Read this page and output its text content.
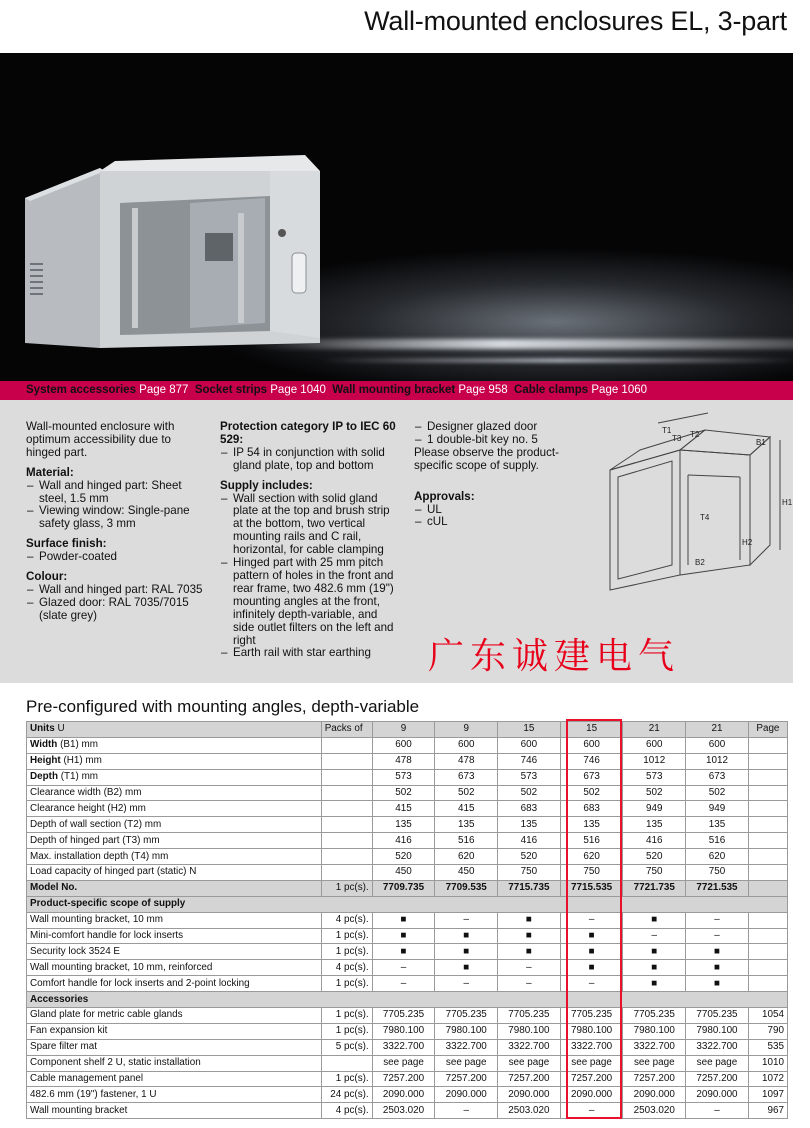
Wall-mounted enclosures EL, 3-part
System accessories Page 877 Socket strips Page 1040 Wall mounting bracket Page 958 Cable clamps Page 1060

Wall-mounted enclosure with optimum accessibility due to hinged part.

Material:
– Wall and hinged part: Sheet steel, 1.5 mm
– Viewing window: Single-pane safety glass, 3 mm
Surface finish:
– Powder-coated
Colour:
– Wall and hinged part: RAL 7035
– Glazed door: RAL 7035/7015 (slate grey)
Protection category IP to IEC 60 529:
– IP 54 in conjunction with solid gland plate, top and bottom
Supply includes:
– Wall section with solid gland plate at the top and brush strip at the bottom, two vertical mounting rails and C rail, horizontal, for cable clamping
– Hinged part with 25 mm pitch pattern of holes in the front and rear frame, two 482.6 mm (19") mounting angles at the front, infinitely depth-variable, and side outlet filters on the left and right
– Earth rail with star earthing
– Designer glazed door
– 1 double-bit key no. 5

Please observe the product-specific scope of supply.

Approvals:
– UL
– cUL
T1 T2
T3
T4
B1
B2
H1
H2
广东诚建电气
Pre-configured with mounting angles, depth-variable
Units U	Packs of	9	9	15	15	21	21	Page
Width (B1) mm		600	600	600	600	600	600	
Height (H1) mm		478	478	746	746	1012	1012	
Depth (T1) mm		573	673	573	673	573	673	
Clearance width (B2) mm		502	502	502	502	502	502	
Clearance height (H2) mm		415	415	683	683	949	949	
Depth of wall section (T2) mm		135	135	135	135	135	135	
Depth of hinged part (T3) mm		416	516	416	516	416	516	
Max. installation depth (T4) mm		520	620	520	620	520	620	
Load capacity of hinged part (static) N		450	450	750	750	750	750	
Model No.	1 pc(s).	7709.735	7709.535	7715.735	7715.535	7721.735	7721.535	
Product-specific scope of supply								
Wall mounting bracket, 10 mm	4 pc(s).	■	–	■	–	■	–	
Mini-comfort handle for lock inserts	1 pc(s).	■	■	■	■	–	–	
Security lock 3524 E	1 pc(s).	■	■	■	■	■	■	
Wall mounting bracket, 10 mm, reinforced	4 pc(s).	–	■	–	■	■	■	
Comfort handle for lock inserts and 2-point locking	1 pc(s).	–	–	–	–	■	■	
Accessories								
Gland plate for metric cable glands	1 pc(s).	7705.235	7705.235	7705.235	7705.235	7705.235	7705.235	1054
Fan expansion kit	1 pc(s).	7980.100	7980.100	7980.100	7980.100	7980.100	7980.100	790
Spare filter mat	5 pc(s).	3322.700	3322.700	3322.700	3322.700	3322.700	3322.700	535
Component shelf 2 U, static installation		see page	see page	see page	see page	see page	see page	1010
Cable management panel	1 pc(s).	7257.200	7257.200	7257.200	7257.200	7257.200	7257.200	1072
482.6 mm (19") fastener, 1 U	24 pc(s).	2090.000	2090.000	2090.000	2090.000	2090.000	2090.000	1097
Wall mounting bracket	4 pc(s).	2503.020	–	2503.020	–	2503.020	–	967
